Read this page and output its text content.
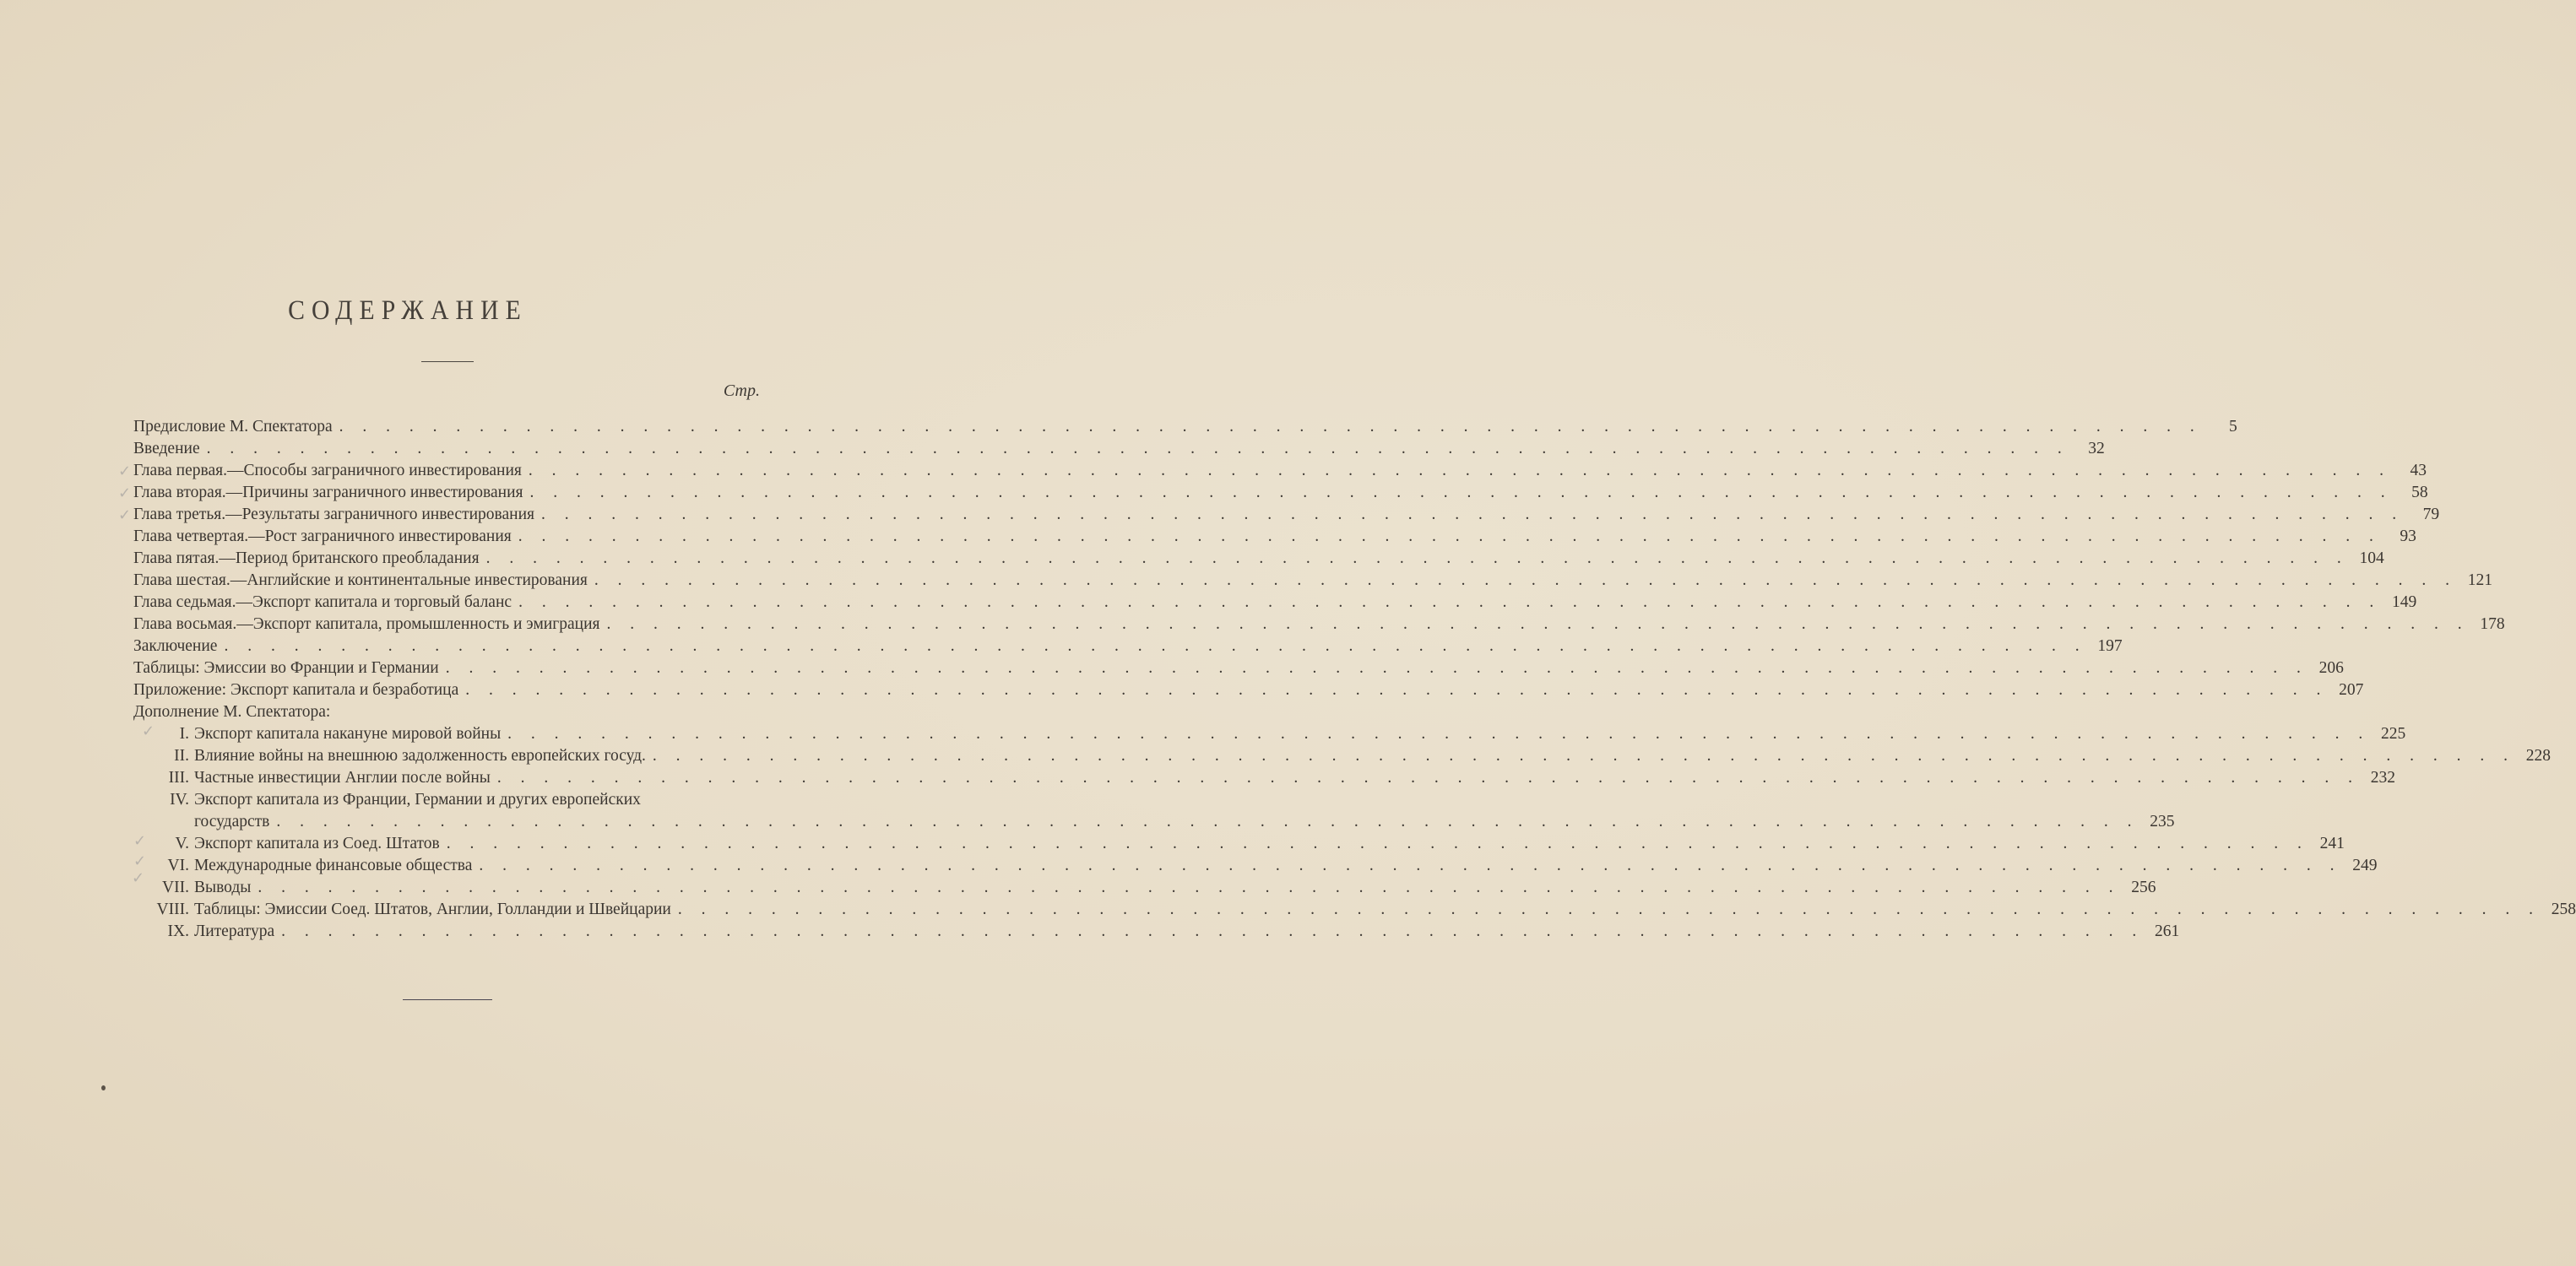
СОДЕРЖАНИЕ
Стр.
Предисловие М. Спектатора . . . . . . . . . . . . . . . . . . . . . . . . . . . . . . . . . . . . . . . . . . . . . . . . . . . . . . . . . . . . . . . . . . . . . . . . . . . . . . . .	5
Введение . . . . . . . . . . . . . . . . . . . . . . . . . . . . . . . . . . . . . . . . . . . . . . . . . . . . . . . . . . . . . . . . . . . . . . . . . . . . . . . .	32
Глава первая.—Способы заграничного инвестирования . . . . . . . . . . . . . . . . . . . . . . . . . . . . . . . . . . . . . . . . . . . . . . . . . . . . . . . . . . . . . . . . . . . . . . . . . . . . . . . .	43
Глава вторая.—Причины заграничного инвестирования . . . . . . . . . . . . . . . . . . . . . . . . . . . . . . . . . . . . . . . . . . . . . . . . . . . . . . . . . . . . . . . . . . . . . . . . . . . . . . . .	58
Глава третья.—Результаты заграничного инвестирования . . . . . . . . . . . . . . . . . . . . . . . . . . . . . . . . . . . . . . . . . . . . . . . . . . . . . . . . . . . . . . . . . . . . . . . . . . . . . . . .	79
Глава четвертая.—Рост заграничного инвестирования . . . . . . . . . . . . . . . . . . . . . . . . . . . . . . . . . . . . . . . . . . . . . . . . . . . . . . . . . . . . . . . . . . . . . . . . . . . . . . . .	93
Глава пятая.—Период британского преобладания . . . . . . . . . . . . . . . . . . . . . . . . . . . . . . . . . . . . . . . . . . . . . . . . . . . . . . . . . . . . . . . . . . . . . . . . . . . . . . . . 104
Глава шестая.—Английские и континентальные инвестирования . . . . . . . . . . . . . . . . . . . . . . . . . . . . . . . . . . . . . . . . . . . . . . . . . . . . . . . . . . . . . . . . . . . . . . . . . . . . . . . . 121
Глава седьмая.—Экспорт капитала и торговый баланс . . . . . . . . . . . . . . . . . . . . . . . . . . . . . . . . . . . . . . . . . . . . . . . . . . . . . . . . . . . . . . . . . . . . . . . . . . . . . . . . 149
Глава восьмая.—Экспорт капитала, промышленность и эмиграция . . . . . . . . . . . . . . . . . . . . . . . . . . . . . . . . . . . . . . . . . . . . . . . . . . . . . . . . . . . . . . . . . . . . . . . . . . . . . . . . 178
Заключение . . . . . . . . . . . . . . . . . . . . . . . . . . . . . . . . . . . . . . . . . . . . . . . . . . . . . . . . . . . . . . . . . . . . . . . . . . . . . . . . 197
Таблицы: Эмиссии во Франции и Германии . . . . . . . . . . . . . . . . . . . . . . . . . . . . . . . . . . . . . . . . . . . . . . . . . . . . . . . . . . . . . . . . . . . . . . . . . . . . . . . . 206
Приложение: Экспорт капитала и безработица . . . . . . . . . . . . . . . . . . . . . . . . . . . . . . . . . . . . . . . . . . . . . . . . . . . . . . . . . . . . . . . . . . . . . . . . . . . . . . . . 207
Дополнение М. Спектатора:
I. Экспорт капитала накануне мировой войны . . . . . . . . . . . . . . . . . . . . . . . . . . . . . . . . . . . . . . . . . . . . . . . . . . . . . . . . . . . . . . . . . . . . . . . . . . . . . . . . 225
II. Влияние войны на внешнюю задолженность европейских госуд. . . . . . . . . . . . . . . . . . . . . . . . . . . . . . . . . . . . . . . . . . . . . . . . . . . . . . . . . . . . . . . . . . . . . . . . . . . . . . . . . 228
III. Частные инвестиции Англии после войны . . . . . . . . . . . . . . . . . . . . . . . . . . . . . . . . . . . . . . . . . . . . . . . . . . . . . . . . . . . . . . . . . . . . . . . . . . . . . . . . 232
IV. Экспорт капитала из Франции, Германии и других европейских
государств . . . . . . . . . . . . . . . . . . . . . . . . . . . . . . . . . . . . . . . . . . . . . . . . . . . . . . . . . . . . . . . . . . . . . . . . . . . . . . . . 235
V. Экспорт капитала из Соед. Штатов . . . . . . . . . . . . . . . . . . . . . . . . . . . . . . . . . . . . . . . . . . . . . . . . . . . . . . . . . . . . . . . . . . . . . . . . . . . . . . . . 241
VI. Международные финансовые общества . . . . . . . . . . . . . . . . . . . . . . . . . . . . . . . . . . . . . . . . . . . . . . . . . . . . . . . . . . . . . . . . . . . . . . . . . . . . . . . . 249
VII. Выводы . . . . . . . . . . . . . . . . . . . . . . . . . . . . . . . . . . . . . . . . . . . . . . . . . . . . . . . . . . . . . . . . . . . . . . . . . . . . . . . . 256
VIII. Таблицы: Эмиссии Соед. Штатов, Англии, Голландии и Швейцарии . . . . . . . . . . . . . . . . . . . . . . . . . . . . . . . . . . . . . . . . . . . . . . . . . . . . . . . . . . . . . . . . . . . . . . . . . . . . . . . . 258
IX. Литература . . . . . . . . . . . . . . . . . . . . . . . . . . . . . . . . . . . . . . . . . . . . . . . . . . . . . . . . . . . . . . . . . . . . . . . . . . . . . . . . 261
✓
✓
✓
✓
✓
✓
✓
